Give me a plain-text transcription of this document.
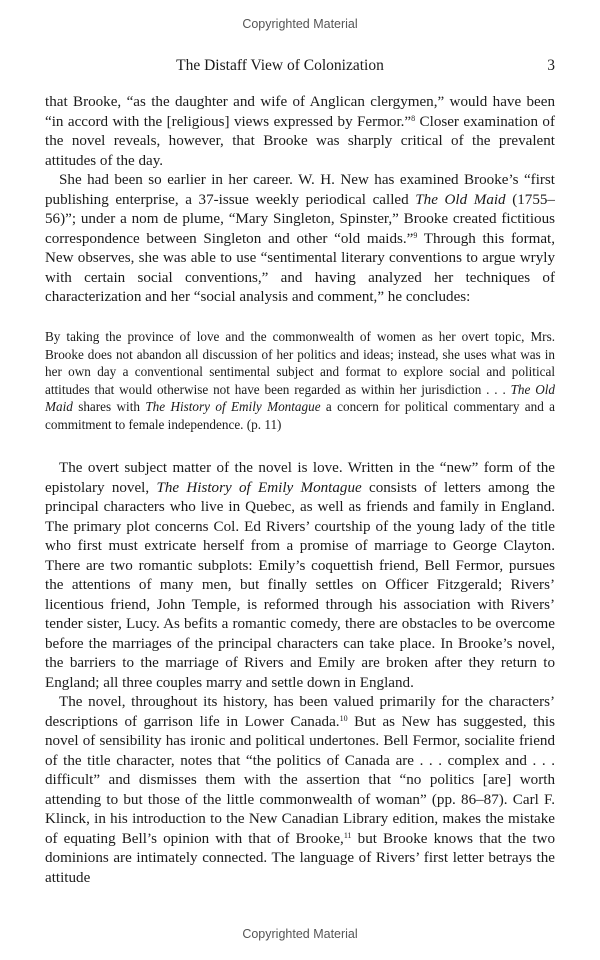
Copyrighted Material
The Distaff View of Colonization	3

that Brooke, “as the daughter and wife of Anglican clergymen,” would have been “in accord with the [religious] views expressed by Fermor.”$^8$ Closer examination of the novel reveals, however, that Brooke was sharply critical of the prevalent attitudes of the day.

She had been so earlier in her career. W. H. New has examined Brooke’s “first publishing enterprise, a 37-issue weekly periodical called The Old Maid (1755–56)”; under a nom de plume, “Mary Singleton, Spinster,” Brooke created fictitious correspondence between Singleton and other “old maids.”$^9$ Through this format, New observes, she was able to use “sentimental literary conventions to argue wryly with certain social conventions,” and having analyzed her techniques of characterization and her “social analysis and comment,” he concludes:

By taking the province of love and the commonwealth of women as her overt topic, Mrs. Brooke does not abandon all discussion of her politics and ideas; instead, she uses what was in her own day a conventional sentimental subject and format to explore social and political attitudes that would otherwise not have been regarded as within her jurisdiction . . . The Old Maid shares with The History of Emily Montague a concern for political commentary and a commitment to female independence. (p. 11)

The overt subject matter of the novel is love. Written in the “new” form of the epistolary novel, The History of Emily Montague consists of letters among the principal characters who live in Quebec, as well as friends and family in England. The primary plot concerns Col. Ed Rivers’ courtship of the young lady of the title who first must extricate herself from a promise of marriage to George Clayton. There are two romantic subplots: Emily’s coquettish friend, Bell Fermor, pursues the attentions of many men, but finally settles on Officer Fitzgerald; Rivers’ licentious friend, John Temple, is reformed through his association with Rivers’ tender sister, Lucy. As befits a romantic comedy, there are obstacles to be overcome before the marriages of the principal characters can take place. In Brooke’s novel, the barriers to the marriage of Rivers and Emily are broken after they return to England; all three couples marry and settle down in England.

The novel, throughout its history, has been valued primarily for the characters’ descriptions of garrison life in Lower Canada.$^{10}$ But as New has suggested, this novel of sensibility has ironic and political undertones. Bell Fermor, socialite friend of the title character, notes that “the politics of Canada are . . . complex and . . . difficult” and dismisses them with the assertion that “no politics [are] worth attending to but those of the little commonwealth of woman” (pp. 86–87). Carl F. Klinck, in his introduction to the New Canadian Library edition, makes the mistake of equating Bell’s opinion with that of Brooke,$^{11}$ but Brooke knows that the two dominions are intimately connected. The language of Rivers’ first letter betrays the attitude

Copyrighted Material
